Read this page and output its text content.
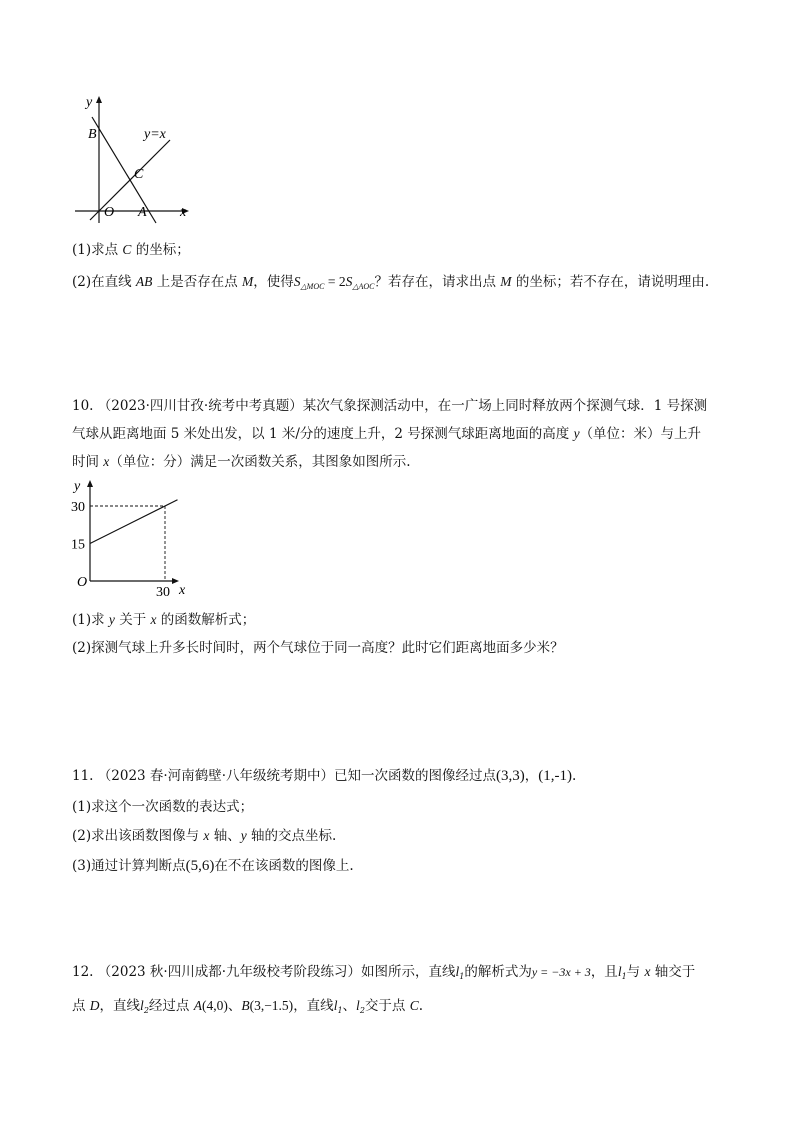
y
B	y=x
C
O A x
(1)求点 C 的坐标；
(2)在直线 AB 上是否存在点 M，使得$S_{\triangle MOC} = 2S_{\triangle AOC}$？若存在，请求出点 M 的坐标；若不存在，请说明理由.
10. （2023·四川甘孜·统考中考真题）某次气象探测活动中，在一广场上同时释放两个探测气球．1 号探测
气球从距离地面 5 米处出发，以 1 米/分的速度上升，2 号探测气球距离地面的高度 y（单位：米）与上升
时间 x（单位：分）满足一次函数关系，其图象如图所示.
y
30
15
O
30 x
(1)求 y 关于 x 的函数解析式；
(2)探测气球上升多长时间时，两个气球位于同一高度？此时它们距离地面多少米？
11. （2023 春·河南鹤壁·八年级统考期中）已知一次函数的图像经过点(3,3)，(1,-1).
(1)求这个一次函数的表达式；
(2)求出该函数图像与 x 轴、y 轴的交点坐标.
(3)通过计算判断点(5,6)在不在该函数的图像上.
12. （2023 秋·四川成都·九年级校考阶段练习）如图所示，直线$l_1$的解析式为y = −3x + 3，且$l_1$与 x 轴交于
点 D，直线$l_2$经过点 A(4,0)、B(3,−1.5)，直线$l_1$、$l_2$交于点 C.
